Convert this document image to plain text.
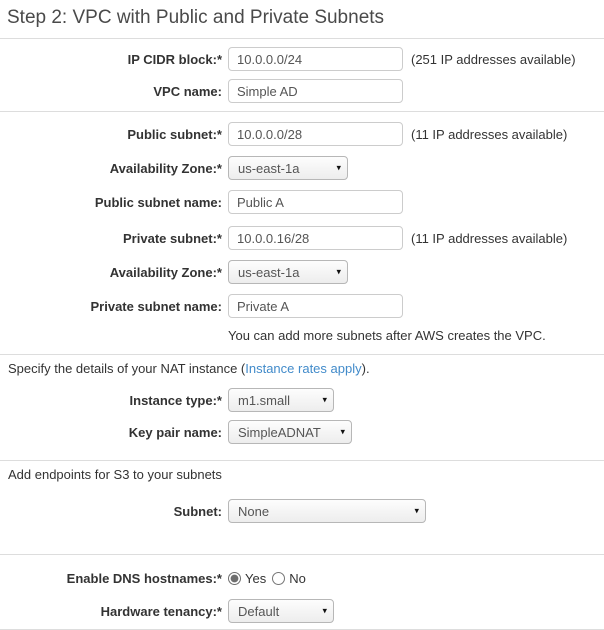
Step 2: VPC with Public and Private Subnets
IP CIDR block:*
10.0.0.0/24	(251 IP addresses available)
VPC name:
Simple AD
Public subnet:*
10.0.0.0/28	(11 IP addresses available)
Availability Zone:*
us-east-1a	▾
Public subnet name:
Public A
Private subnet:*
10.0.0.16/28	(11 IP addresses available)
Availability Zone:*
us-east-1a	▾
Private subnet name:
Private A
You can add more subnets after AWS creates the VPC.

Specify the details of your NAT instance (Instance rates apply).

Instance type:*
m1.small	▾
Key pair name:
SimpleADNAT	▾

Add endpoints for S3 to your subnets

Subnet:
None	▾
Enable DNS hostnames:* Yes No
Hardware tenancy:*
Default	▾
